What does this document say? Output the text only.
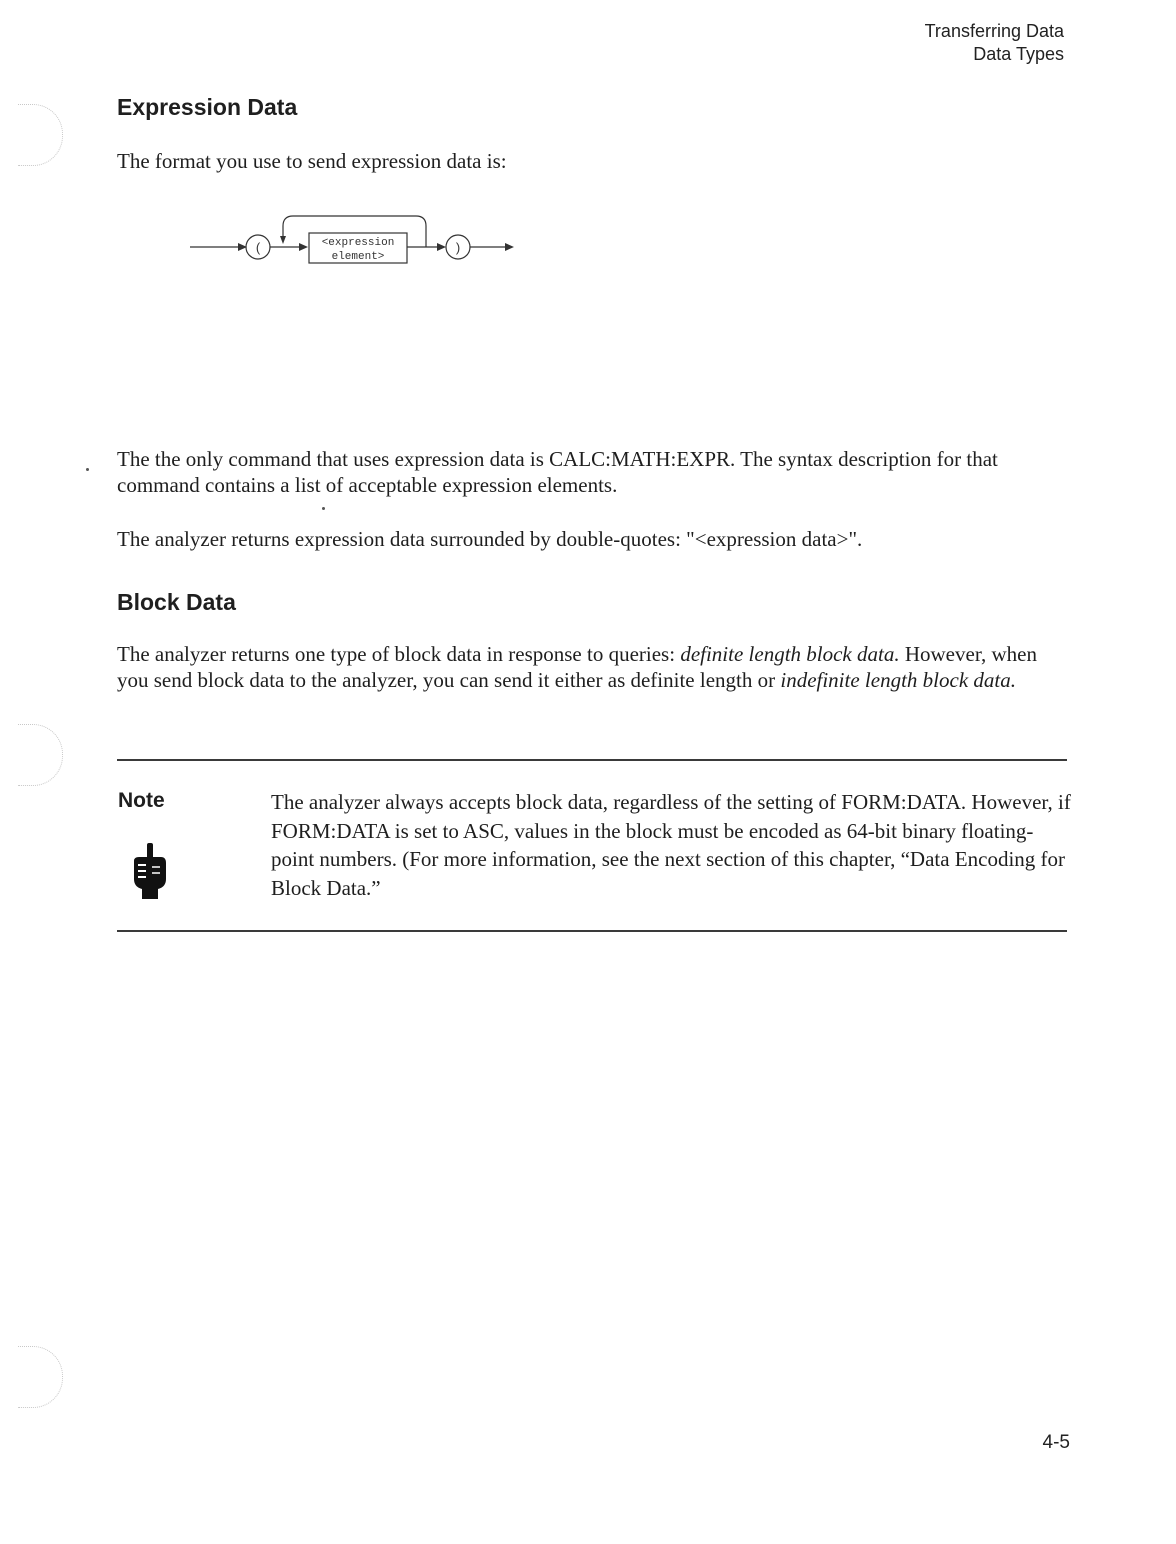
Transferring Data
Data Types
Expression Data

The format you use to send expression data is:

(	<expression
element>
)

The the only command that uses expression data is CALC:MATH:EXPR. The syntax description for that command contains a list of acceptable expression elements.

The analyzer returns expression data surrounded by double-quotes: "<expression data>".

Block Data

The analyzer returns one type of block data in response to queries: definite length block data. However, when you send block data to the analyzer, you can send it either as definite length or indefinite length block data.

Note	The analyzer always accepts block data, regardless of the setting of FORM:DATA. However, if FORM:DATA is set to ASC, values in the block must be encoded as 64-bit binary floating-point numbers. (For more information, see the next section of this chapter, “Data Encoding for Block Data.”

4-5
